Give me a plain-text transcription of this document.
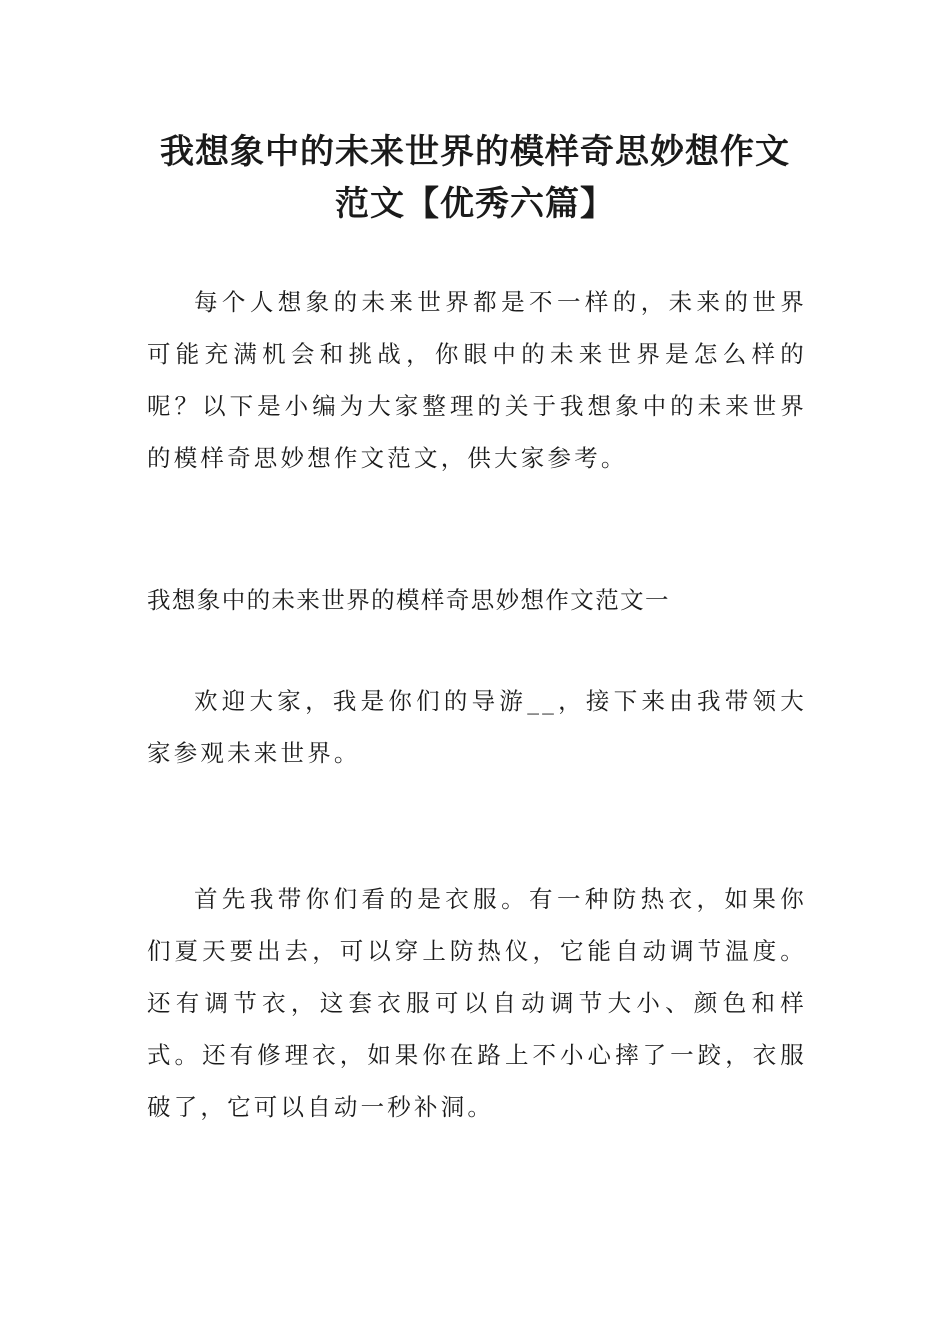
我想象中的未来世界的模样奇思妙想作文
范文【优秀六篇】

每个人想象的未来世界都是不一样的，未来的世界可能充满机会和挑战，你眼中的未来世界是怎么样的呢？以下是小编为大家整理的关于我想象中的未来世界的模样奇思妙想作文范文，供大家参考。

我想象中的未来世界的模样奇思妙想作文范文一

欢迎大家，我是你们的导游__，接下来由我带领大家参观未来世界。

首先我带你们看的是衣服。有一种防热衣，如果你们夏天要出去，可以穿上防热仪，它能自动调节温度。还有调节衣，这套衣服可以自动调节大小、颜色和样式。还有修理衣，如果你在路上不小心摔了一跤，衣服破了，它可以自动一秒补洞。
